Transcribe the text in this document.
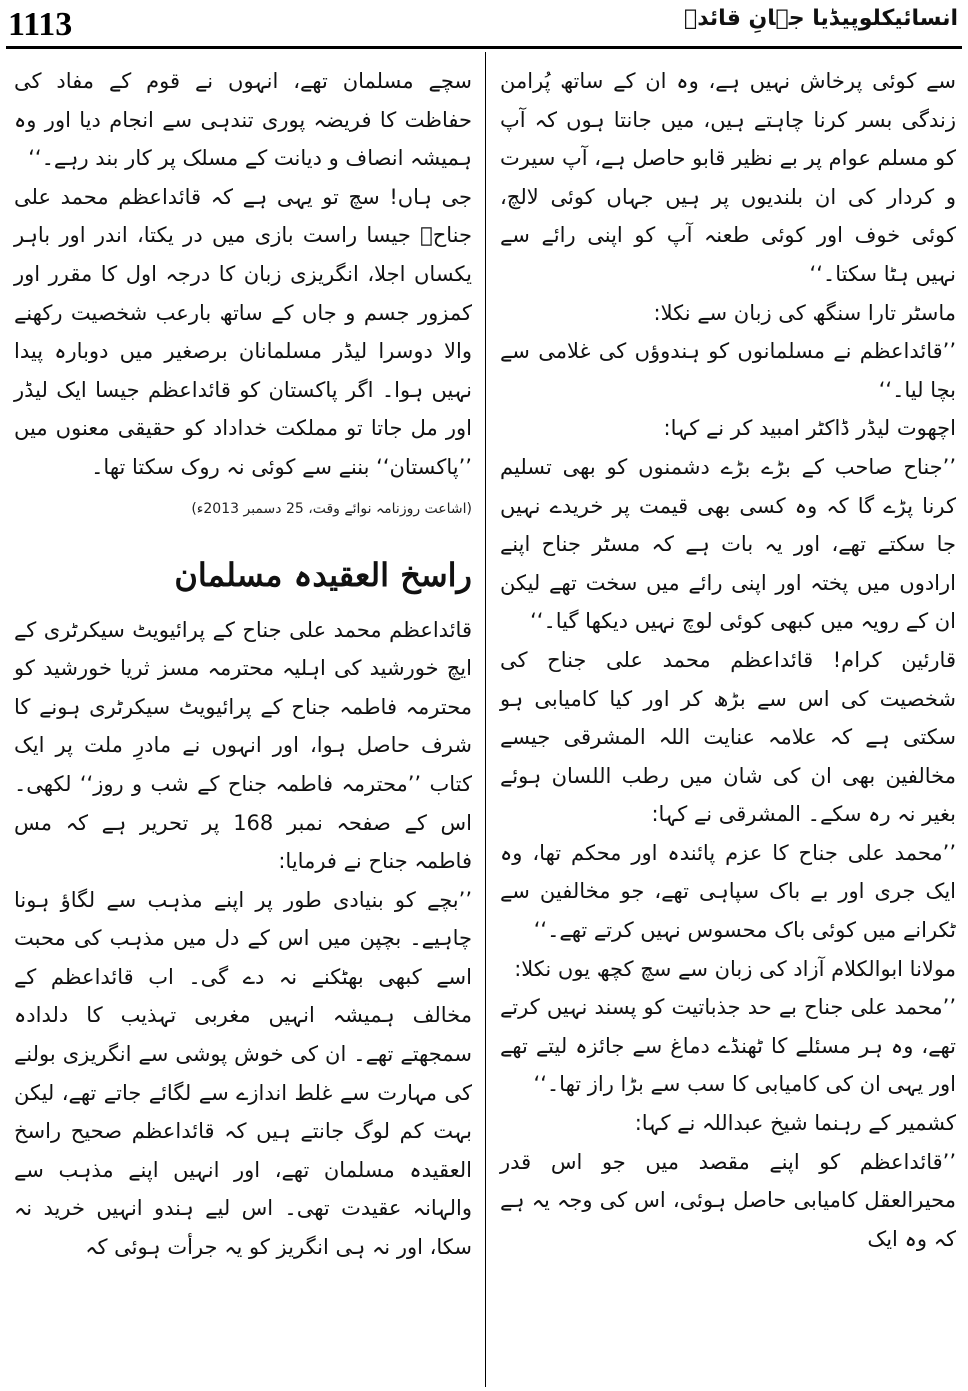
1113	انسائیکلوپیڈیا جہانِ قائدؒ

سے کوئی پرخاش نہیں ہے، وہ ان کے ساتھ پُرامن زندگی بسر کرنا چاہتے ہیں، میں جانتا ہوں کہ آپ کو مسلم عوام پر بے نظیر قابو حاصل ہے، آپ سیرت و کردار کی ان بلندیوں پر ہیں جہاں کوئی لالچ، کوئی خوف اور کوئی طعنہ آپ کو اپنی رائے سے نہیں ہٹا سکتا۔‘‘

ماسٹر تارا سنگھ کی زبان سے نکلا:

’’قائداعظم نے مسلمانوں کو ہندوؤں کی غلامی سے بچا لیا۔‘‘

اچھوت لیڈر ڈاکٹر امبید کر نے کہا:

’’جناح صاحب کے بڑے بڑے دشمنوں کو بھی تسلیم کرنا پڑے گا کہ وہ کسی بھی قیمت پر خریدے نہیں جا سکتے تھے، اور یہ بات ہے کہ مسٹر جناح اپنے ارادوں میں پختہ اور اپنی رائے میں سخت تھے لیکن ان کے رویہ میں کبھی کوئی لوچ نہیں دیکھا گیا۔‘‘

قارئین کرام! قائداعظم محمد علی جناح کی شخصیت کی اس سے بڑھ کر اور کیا کامیابی ہو سکتی ہے کہ علامہ عنایت اللہ المشرقی جیسے مخالفین بھی ان کی شان میں رطب اللسان ہوئے بغیر نہ رہ سکے۔ المشرقی نے کہا:

’’محمد علی جناح کا عزم پائندہ اور محکم تھا، وہ ایک جری اور بے باک سپاہی تھے، جو مخالفین سے ٹکرانے میں کوئی باک محسوس نہیں کرتے تھے۔‘‘

مولانا ابوالکلام آزاد کی زبان سے سچ کچھ یوں نکلا:

’’محمد علی جناح بے حد جذباتیت کو پسند نہیں کرتے تھے، وہ ہر مسئلے کا ٹھنڈے دماغ سے جائزہ لیتے تھے اور یہی ان کی کامیابی کا سب سے بڑا راز تھا۔‘‘

کشمیر کے رہنما شیخ عبداللہ نے کہا:

’’قائداعظم کو اپنے مقصد میں جو اس قدر محیرالعقل کامیابی حاصل ہوئی، اس کی وجہ یہ ہے کہ وہ ایک

سچے مسلمان تھے، انہوں نے قوم کے مفاد کی حفاظت کا فریضہ پوری تندہی سے انجام دیا اور وہ ہمیشہ انصاف و دیانت کے مسلک پر کار بند رہے۔‘‘

جی ہاں! سچ تو یہی ہے کہ قائداعظم محمد علی جناحؒ جیسا راست بازی میں در یکتا، اندر اور باہر یکساں اجلا، انگریزی زبان کا درجہ اول کا مقرر اور کمزور جسم و جاں کے ساتھ بارعب شخصیت رکھنے والا دوسرا لیڈر مسلمانان برصغیر میں دوبارہ پیدا نہیں ہوا۔ اگر پاکستان کو قائداعظم جیسا ایک لیڈر اور مل جاتا تو مملکت خداداد کو حقیقی معنوں میں ’’پاکستان‘‘ بننے سے کوئی نہ روک سکتا تھا۔

(اشاعت روزنامہ نوائے وقت، 25 دسمبر 2013ء)

راسخ العقیدہ مسلمان

قائداعظم محمد علی جناح کے پرائیویٹ سیکرٹری کے ایچ خورشید کی اہلیہ محترمہ مسز ثریا خورشید کو محترمہ فاطمہ جناح کے پرائیویٹ سیکرٹری ہونے کا شرف حاصل ہوا، اور انہوں نے مادرِ ملت پر ایک کتاب ’’محترمہ فاطمہ جناح کے شب و روز‘‘ لکھی۔ اس کے صفحہ نمبر 168 پر تحریر ہے کہ مس فاطمہ جناح نے فرمایا:

’’بچے کو بنیادی طور پر اپنے مذہب سے لگاؤ ہونا چاہیے۔ بچپن میں اس کے دل میں مذہب کی محبت اسے کبھی بھٹکنے نہ دے گی۔ اب قائداعظم کے مخالف ہمیشہ انہیں مغربی تہذیب کا دلدادہ سمجھتے تھے۔ ان کی خوش پوشی سے انگریزی بولنے کی مہارت سے غلط اندازے سے لگائے جاتے تھے، لیکن بہت کم لوگ جانتے ہیں کہ قائداعظم صحیح راسخ العقیدہ مسلمان تھے، اور انہیں اپنے مذہب سے والہانہ عقیدت تھی۔ اس لیے ہندو انہیں خرید نہ سکا، اور نہ ہی انگریز کو یہ جرأت ہوئی کہ
